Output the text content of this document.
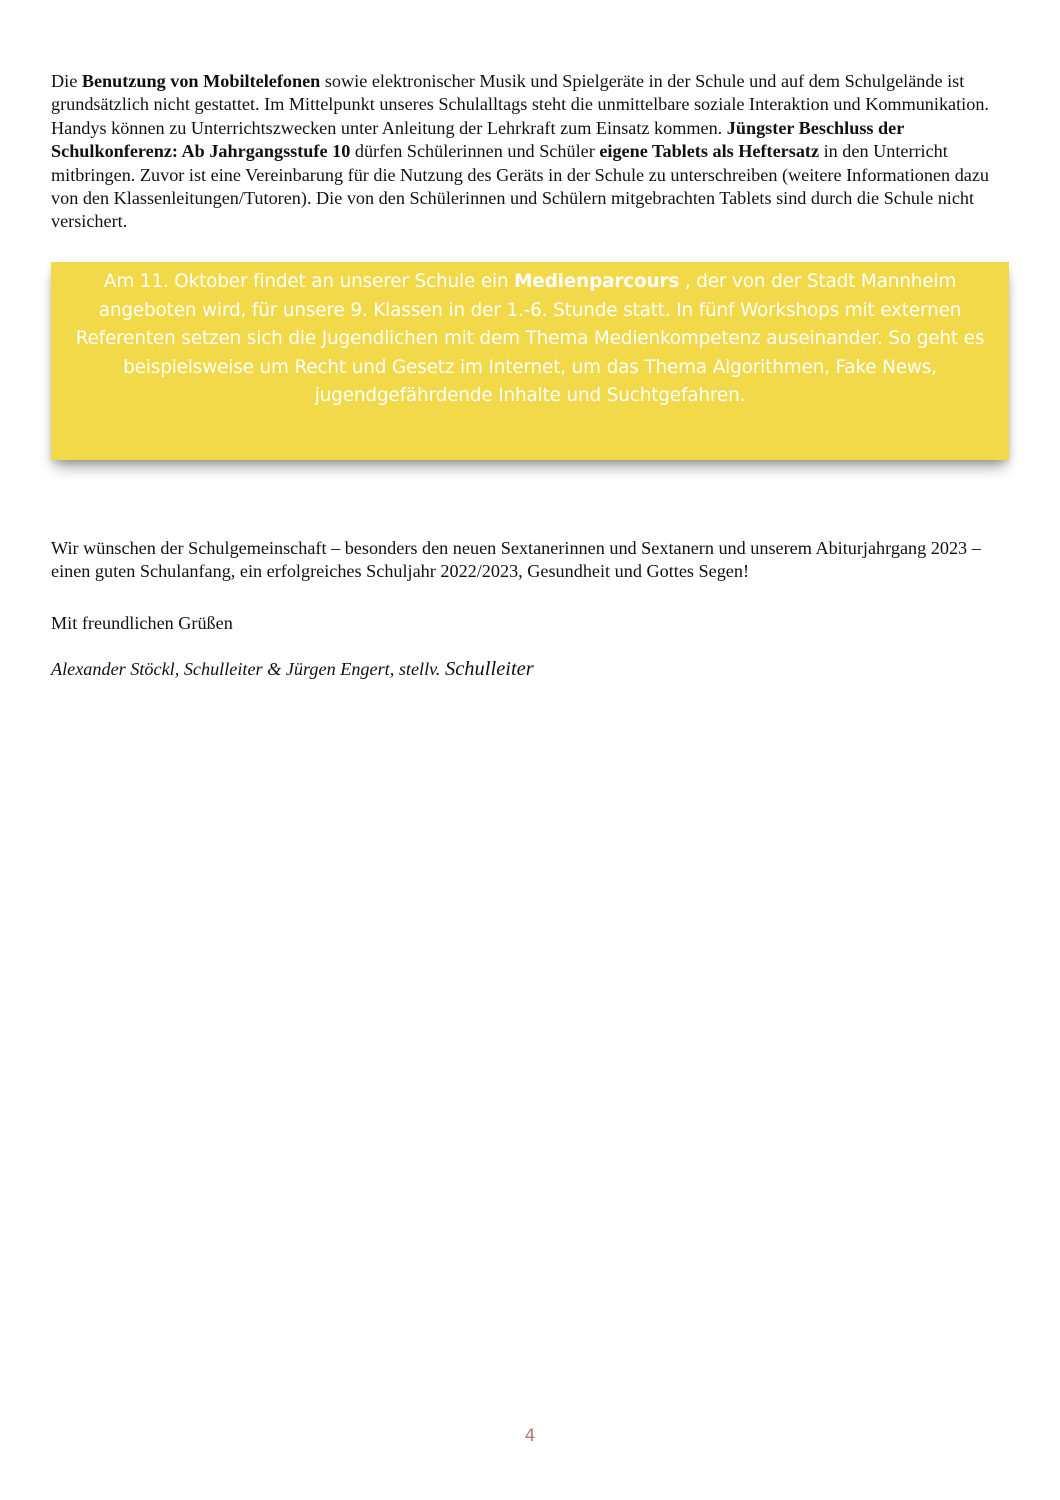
Die Benutzung von Mobiltelefonen sowie elektronischer Musik und Spielgeräte in der Schule und auf dem Schulgelände ist grundsätzlich nicht gestattet. Im Mittelpunkt unseres Schulalltags steht die unmittelbare soziale Interaktion und Kommunikation. Handys können zu Unterrichtszwecken unter Anleitung der Lehrkraft zum Einsatz kommen. Jüngster Beschluss der Schulkonferenz: Ab Jahrgangsstufe 10 dürfen Schülerinnen und Schüler eigene Tablets als Heftersatz in den Unterricht mitbringen. Zuvor ist eine Vereinbarung für die Nutzung des Geräts in der Schule zu unterschreiben (weitere Informationen dazu von den Klassenleitungen/Tutoren). Die von den Schülerinnen und Schülern mitgebrachten Tablets sind durch die Schule nicht versichert.

Am 11. Oktober findet an unserer Schule ein Medienparcours , der von der Stadt Mannheim angeboten wird, für unsere 9. Klassen in der 1.-6. Stunde statt. In fünf Workshops mit externen Referenten setzen sich die Jugendlichen mit dem Thema Medienkompetenz auseinander. So geht es beispielsweise um Recht und Gesetz im Internet, um das Thema Algorithmen, Fake News, jugendgefährdende Inhalte und Suchtgefahren.

Wir wünschen der Schulgemeinschaft – besonders den neuen Sextanerinnen und Sextanern und unserem Abiturjahrgang 2023 – einen guten Schulanfang, ein erfolgreiches Schuljahr 2022/2023, Gesundheit und Gottes Segen!

Mit freundlichen Grüßen

Alexander Stöckl, Schulleiter & Jürgen Engert, stellv. Schulleiter

4
